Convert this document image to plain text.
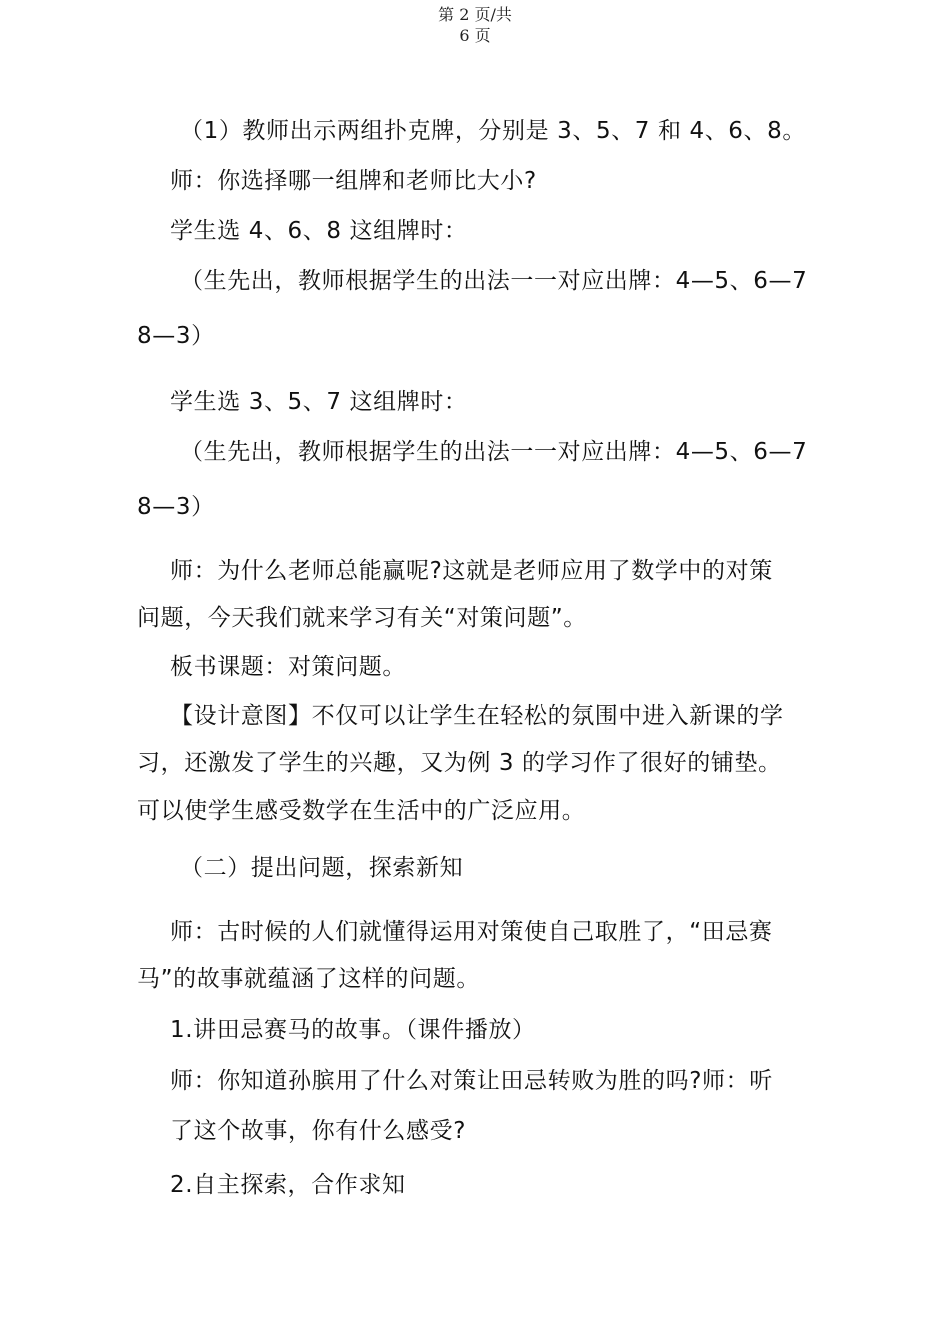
第 2 页/共
6 页
（1）教师出示两组扑克牌，分别是 3、5、7 和 4、6、8。
师：你选择哪一组牌和老师比大小?
学生选 4、6、8 这组牌时：
（生先出，教师根据学生的出法一一对应出牌：4—5、6—7
8—3）
学生选 3、5、7 这组牌时：
（生先出，教师根据学生的出法一一对应出牌：4—5、6—7
8—3）
师：为什么老师总能赢呢?这就是老师应用了数学中的对策
问题，今天我们就来学习有关“对策问题”。
板书课题：对策问题。
【设计意图】不仅可以让学生在轻松的氛围中进入新课的学
习，还激发了学生的兴趣，又为例 3 的学习作了很好的铺垫。
可以使学生感受数学在生活中的广泛应用。
（二）提出问题，探索新知
师：古时候的人们就懂得运用对策使自己取胜了，“田忌赛
马”的故事就蕴涵了这样的问题。
1.讲田忌赛马的故事。（课件播放）
师：你知道孙膑用了什么对策让田忌转败为胜的吗?师：听
了这个故事，你有什么感受?
2.自主探索，合作求知
